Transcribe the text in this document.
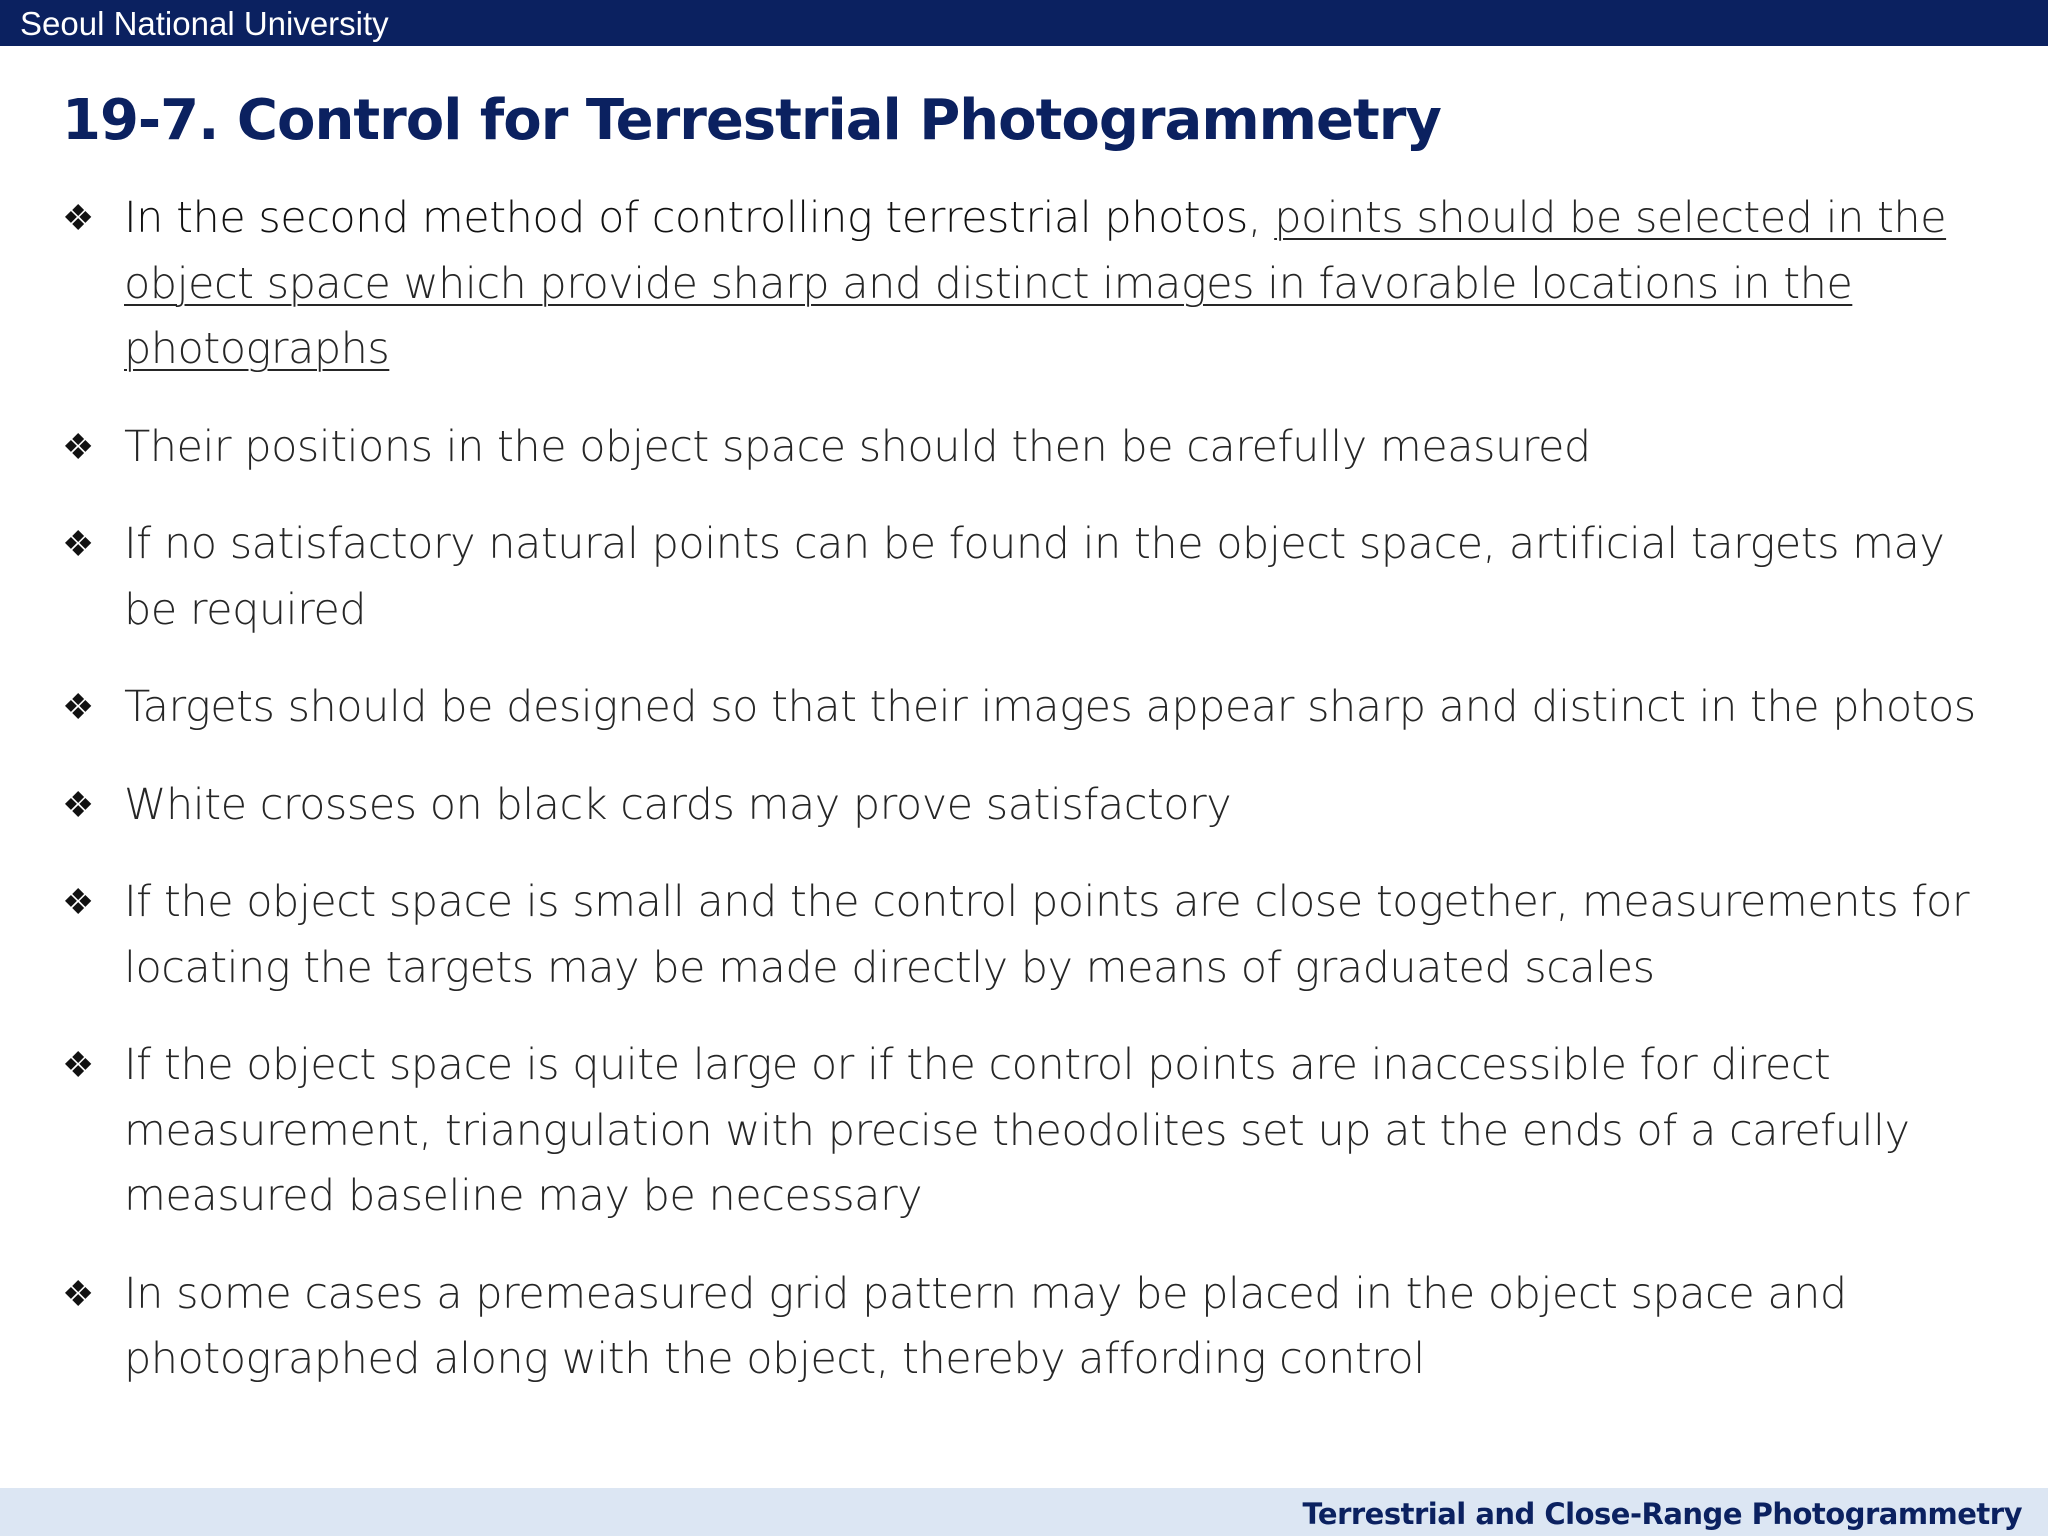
Seoul National University
19-7. Control for Terrestrial Photogrammetry
❖ In the second method of controlling terrestrial photos, points should be selected in the object space which provide sharp and distinct images in favorable locations in the photographs
❖ Their positions in the object space should then be carefully measured
❖ If no satisfactory natural points can be found in the object space, artificial targets may be required
❖ Targets should be designed so that their images appear sharp and distinct in the photos
❖ White crosses on black cards may prove satisfactory
❖ If the object space is small and the control points are close together, measurements for locating the targets may be made directly by means of graduated scales
❖ If the object space is quite large or if the control points are inaccessible for direct measurement, triangulation with precise theodolites set up at the ends of a carefully measured baseline may be necessary
❖ In some cases a premeasured grid pattern may be placed in the object space and photographed along with the object, thereby affording control
Terrestrial and Close-Range Photogrammetry
